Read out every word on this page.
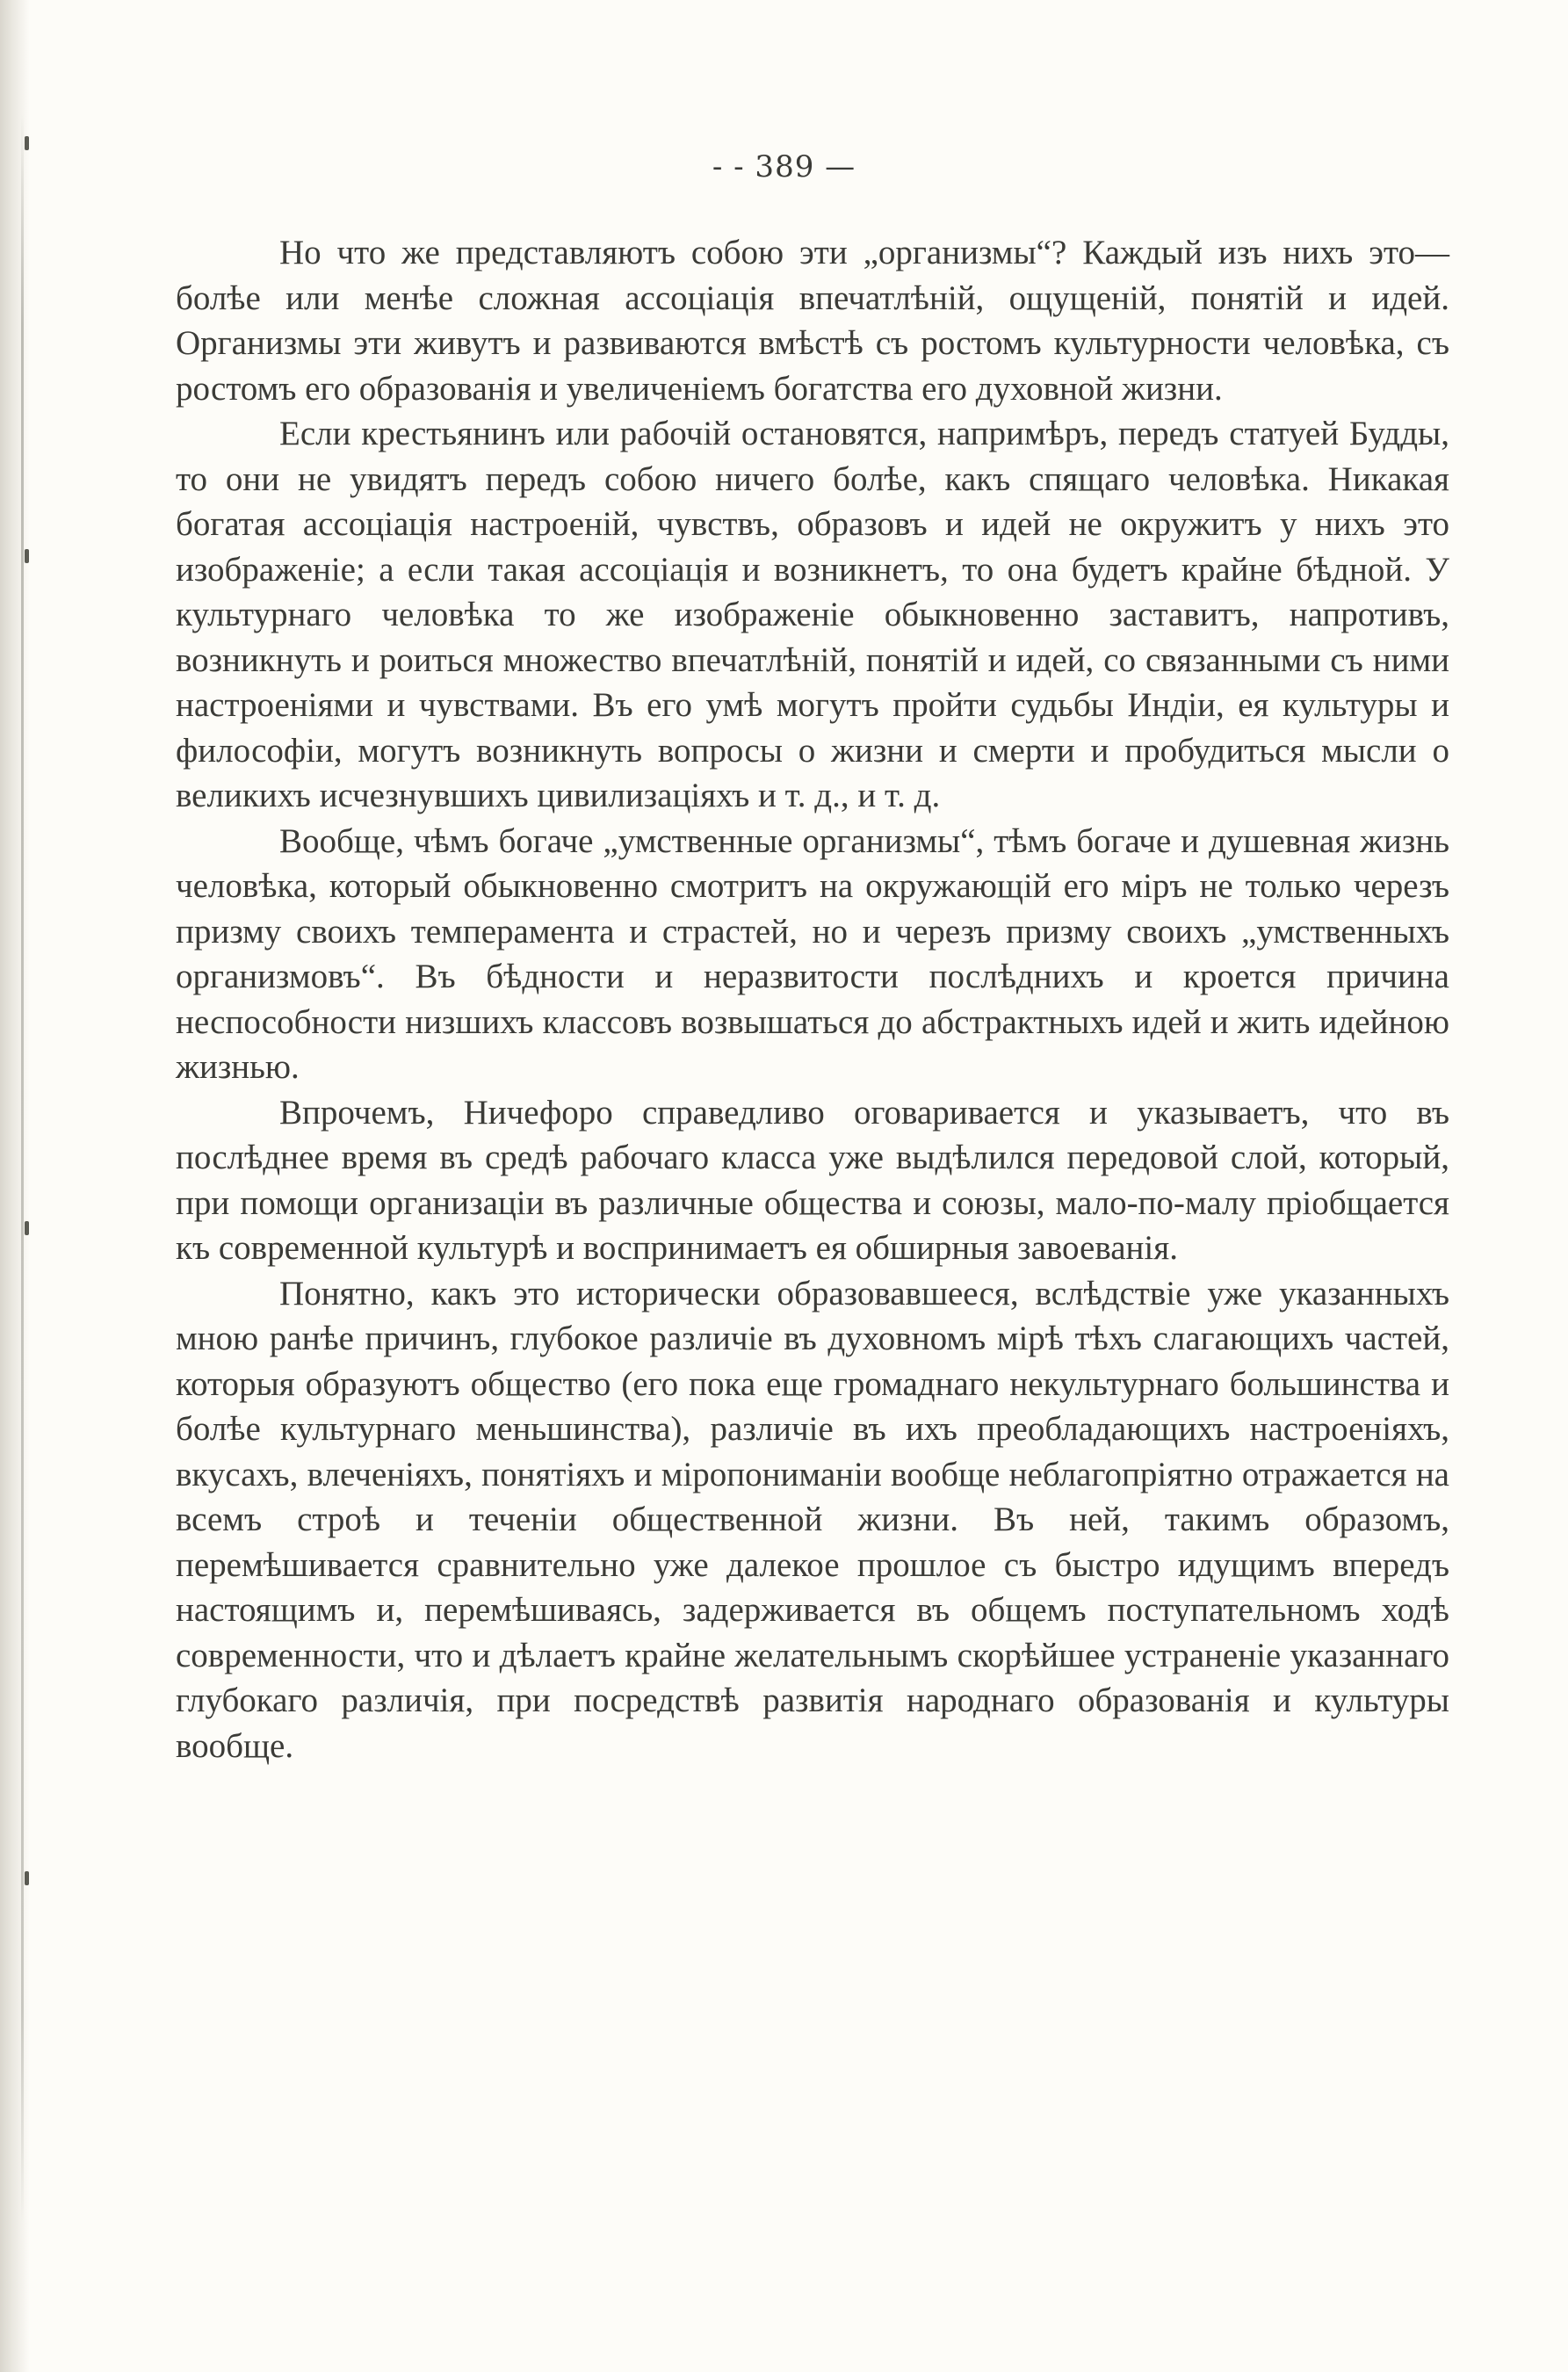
- - 389 —

Но что же представляютъ собою эти „организмы“? Каждый изъ нихъ это—болѣе или менѣе сложная ассоціація впечатлѣній, ощущеній, понятій и идей. Организмы эти живутъ и развиваются вмѣстѣ съ ростомъ культурности человѣка, съ ростомъ его образованія и увеличеніемъ богатства его духовной жизни.

Если крестьянинъ или рабочій остановятся, напримѣръ, передъ статуей Будды, то они не увидятъ передъ собою ничего болѣе, какъ спящаго человѣка. Никакая богатая ассоціація настроеній, чувствъ, образовъ и идей не окружитъ у нихъ это изображеніе; а если такая ассоціація и возникнетъ, то она будетъ крайне бѣдной. У культурнаго человѣка то же изображеніе обыкновенно заставитъ, напротивъ, возникнуть и роиться множество впечатлѣній, понятій и идей, со связанными съ ними настроеніями и чувствами. Въ его умѣ могутъ пройти судьбы Индіи, ея культуры и философіи, могутъ возникнуть вопросы о жизни и смерти и пробудиться мысли о великихъ исчезнувшихъ цивилизаціяхъ и т. д., и т. д.

Вообще, чѣмъ богаче „умственные организмы“, тѣмъ богаче и душевная жизнь человѣка, который обыкновенно смотритъ на окружающій его міръ не только черезъ призму своихъ темперамента и страстей, но и черезъ призму своихъ „умственныхъ организмовъ“. Въ бѣдности и неразвитости послѣднихъ и кроется причина неспособности низшихъ классовъ возвышаться до абстрактныхъ идей и жить идейною жизнью.

Впрочемъ, Ничефоро справедливо оговаривается и указываетъ, что въ послѣднее время въ средѣ рабочаго класса уже выдѣлился передовой слой, который, при помощи организаціи въ различные общества и союзы, мало-по-малу пріобщается къ современной культурѣ и воспринимаетъ ея обширныя завоеванія.

Понятно, какъ это исторически образовавшееся, вслѣдствіе уже указанныхъ мною ранѣе причинъ, глубокое различіе въ духовномъ мірѣ тѣхъ слагающихъ частей, которыя образуютъ общество (его пока еще громаднаго некультурнаго большинства и болѣе культурнаго меньшинства), различіе въ ихъ преобладающихъ настроеніяхъ, вкусахъ, влеченіяхъ, понятіяхъ и міропониманіи вообще неблагопріятно отражается на всемъ строѣ и теченіи общественной жизни. Въ ней, такимъ образомъ, перемѣшивается сравнительно уже далекое прошлое съ быстро идущимъ впередъ настоящимъ и, перемѣшиваясь, задерживается въ общемъ поступательномъ ходѣ современности, что и дѣлаетъ крайне желательнымъ скорѣйшее устраненіе указаннаго глубокаго различія, при посредствѣ развитія народнаго образованія и культуры вообще.
